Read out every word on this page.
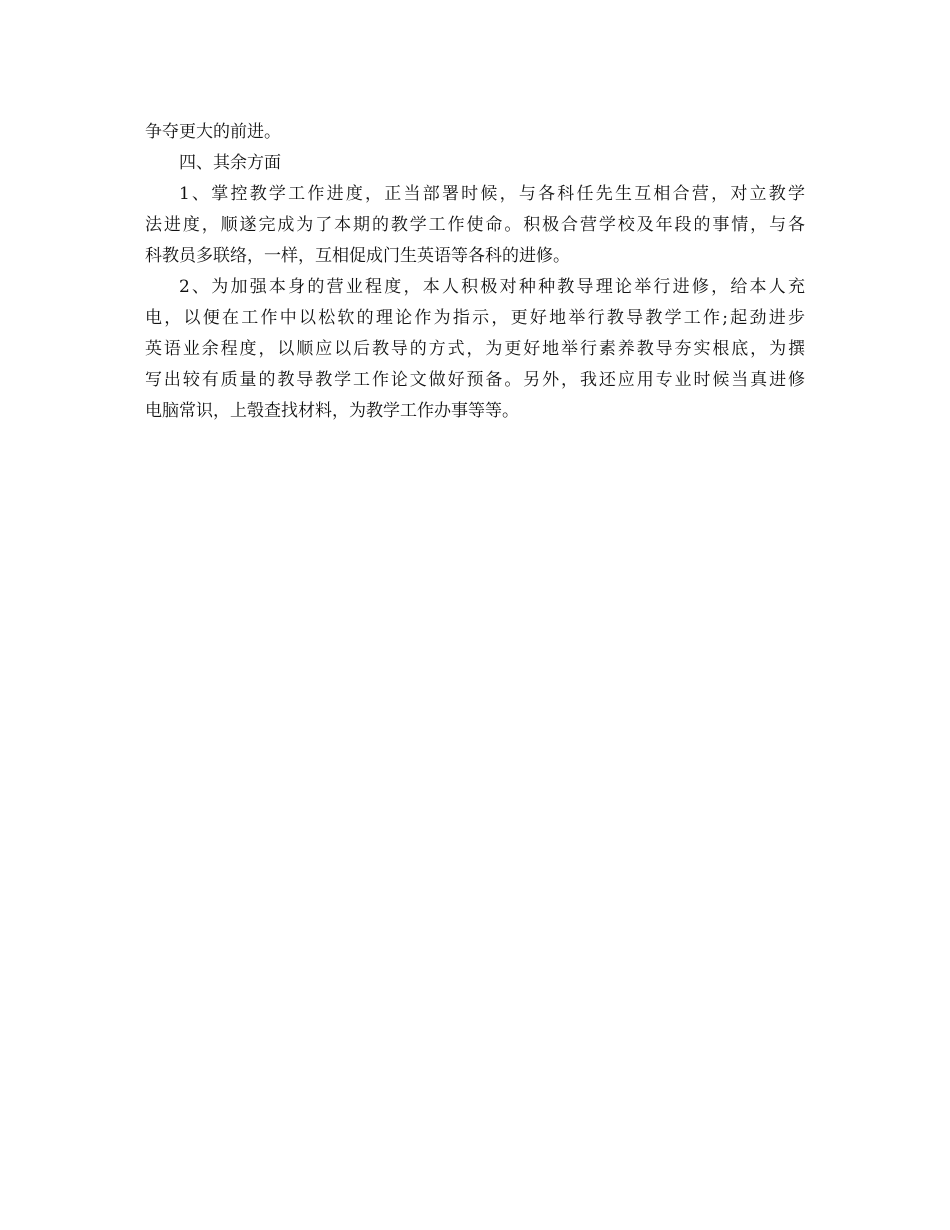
争夺更大的前进。
四、其余方面
1、掌控教学工作进度，正当部署时候，与各科任先生互相合营，对立教学
法进度，顺遂完成为了本期的教学工作使命。积极合营学校及年段的事情，与各
科教员多联络，一样，互相促成门生英语等各科的进修。
2、为加强本身的营业程度，本人积极对种种教导理论举行进修，给本人充
电，以便在工作中以松软的理论作为指示，更好地举行教导教学工作;起劲进步
英语业余程度，以顺应以后教导的方式，为更好地举行素养教导夯实根底，为撰
写出较有质量的教导教学工作论文做好预备。另外，我还应用专业时候当真进修
电脑常识，上彀查找材料，为教学工作办事等等。
